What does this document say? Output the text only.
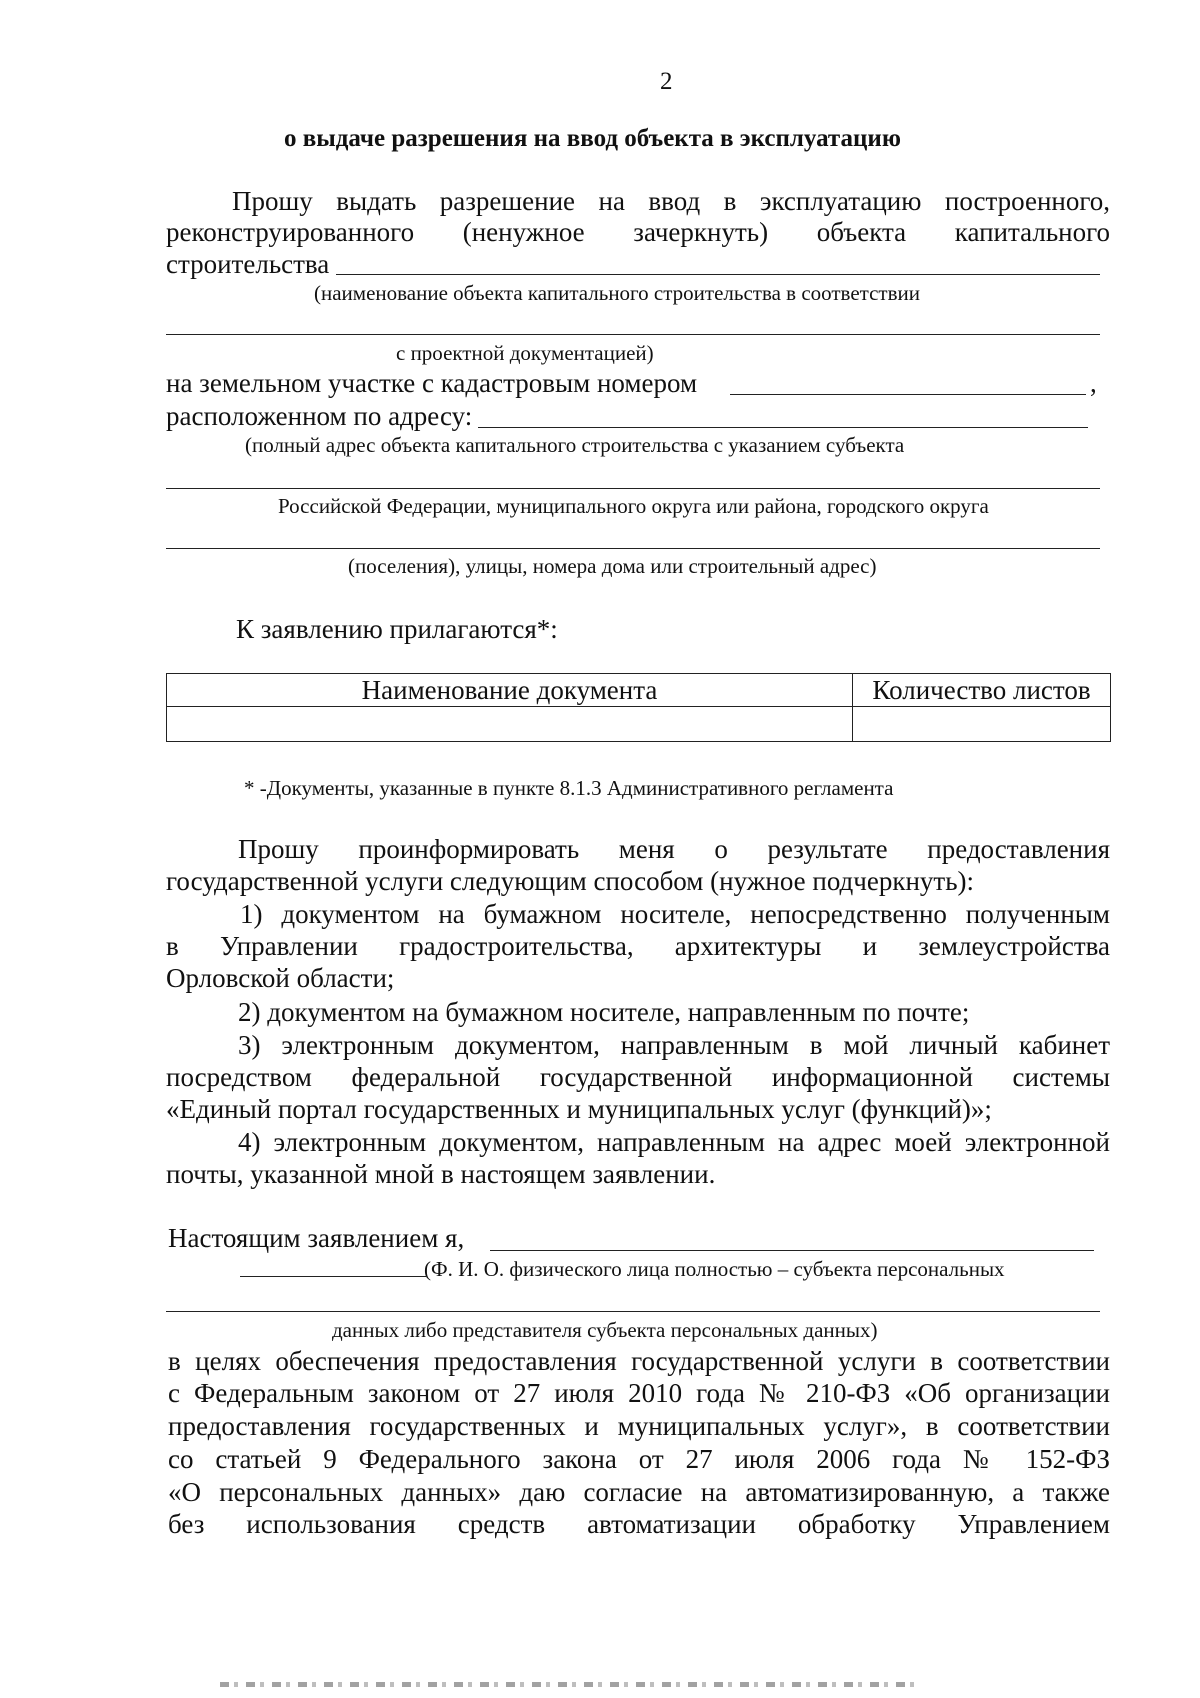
2
о выдаче разрешения на ввод объекта в эксплуатацию
Прошу выдать разрешение на ввод в эксплуатацию построенного,
реконструированного (ненужное зачеркнуть) объекта капитального
строительства
(наименование объекта капитального строительства в соответствии
с проектной документацией)
на земельном участке с кадастровым номером	,
расположенном по адресу:
(полный адрес объекта капитального строительства с указанием субъекта
Российской Федерации, муниципального округа или района, городского округа
(поселения), улицы, номера дома или строительный адрес)
К заявлению прилагаются*:
Наименование документа	Количество листов

* -Документы, указанные в пункте 8.1.3 Административного регламента
Прошу проинформировать меня о результате предоставления
государственной услуги следующим способом (нужное подчеркнуть):
1) документом на бумажном носителе, непосредственно полученным
в Управлении градостроительства, архитектуры и землеустройства
Орловской области;
2) документом на бумажном носителе, направленным по почте;
3) электронным документом, направленным в мой личный кабинет
посредством федеральной государственной информационной системы
«Единый портал государственных и муниципальных услуг (функций)»;
4) электронным документом, направленным на адрес моей электронной
почты, указанной мной в настоящем заявлении.
Настоящим заявлением я,
(Ф. И. О. физического лица полностью – субъекта персональных
данных либо представителя субъекта персональных данных)
в целях обеспечения предоставления государственной услуги в соответствии
с Федеральным законом от 27 июля 2010 года № 210-ФЗ «Об организации
предоставления государственных и муниципальных услуг», в соответствии
со статьей 9 Федерального закона от 27 июля 2006 года № 152-ФЗ
«О персональных данных» даю согласие на автоматизированную, а также
без использования средств автоматизации обработку Управлением
